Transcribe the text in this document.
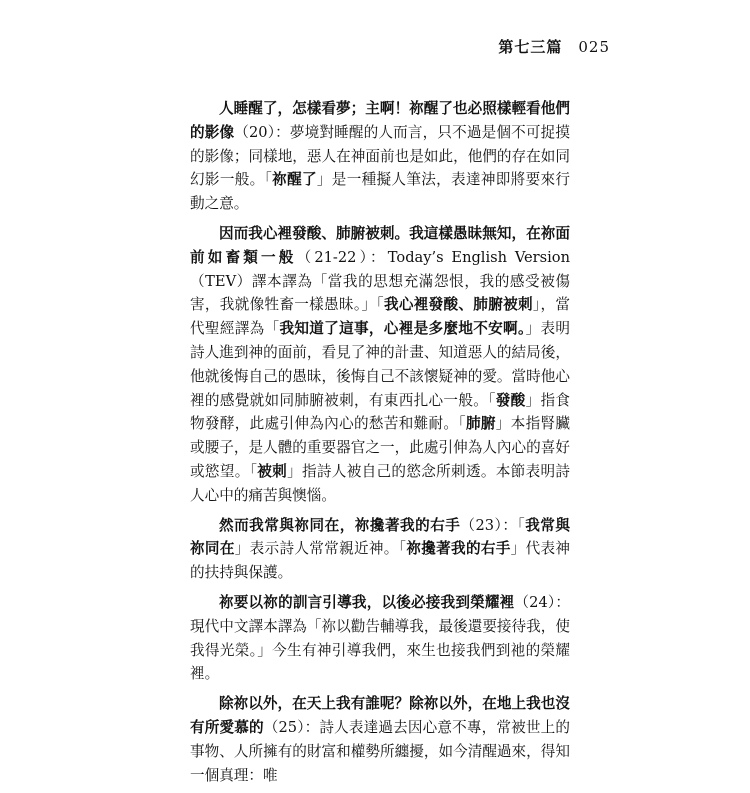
第七三篇 025

人睡醒了，怎樣看夢；主啊！祢醒了也必照樣輕看他們的影像（20）：夢境對睡醒的人而言，只不過是個不可捉摸的影像；同樣地，惡人在神面前也是如此，他們的存在如同幻影一般。「祢醒了」是一種擬人筆法，表達神即將要來行動之意。

因而我心裡發酸、肺腑被刺。我這樣愚昧無知，在祢面前如畜類一般（21-22）：Today’s English Version（TEV）譯本譯為「當我的思想充滿怨恨，我的感受被傷害，我就像牲畜一樣愚昧。」「我心裡發酸、肺腑被刺」，當代聖經譯為「我知道了這事，心裡是多麼地不安啊。」表明詩人進到神的面前，看見了神的計畫、知道惡人的結局後，他就後悔自己的愚昧，後悔自己不該懷疑神的愛。當時他心裡的感覺就如同肺腑被刺，有東西扎心一般。「發酸」指食物發酵，此處引伸為內心的愁苦和難耐。「肺腑」本指腎臟或腰子，是人體的重要器官之一，此處引伸為人內心的喜好或慾望。「被刺」指詩人被自己的慾念所刺透。本節表明詩人心中的痛苦與懊惱。

然而我常與祢同在，祢攙著我的右手（23）：「我常與祢同在」表示詩人常常親近神。「祢攙著我的右手」代表神的扶持與保護。

祢要以祢的訓言引導我，以後必接我到榮耀裡（24）：現代中文譯本譯為「祢以勸告輔導我，最後還要接待我，使我得光榮。」今生有神引導我們，來生也接我們到祂的榮耀裡。

除祢以外，在天上我有誰呢？除祢以外，在地上我也沒有所愛慕的（25）：詩人表達過去因心意不專，常被世上的事物、人所擁有的財富和權勢所纏擾，如今清醒過來，得知一個真理：唯
